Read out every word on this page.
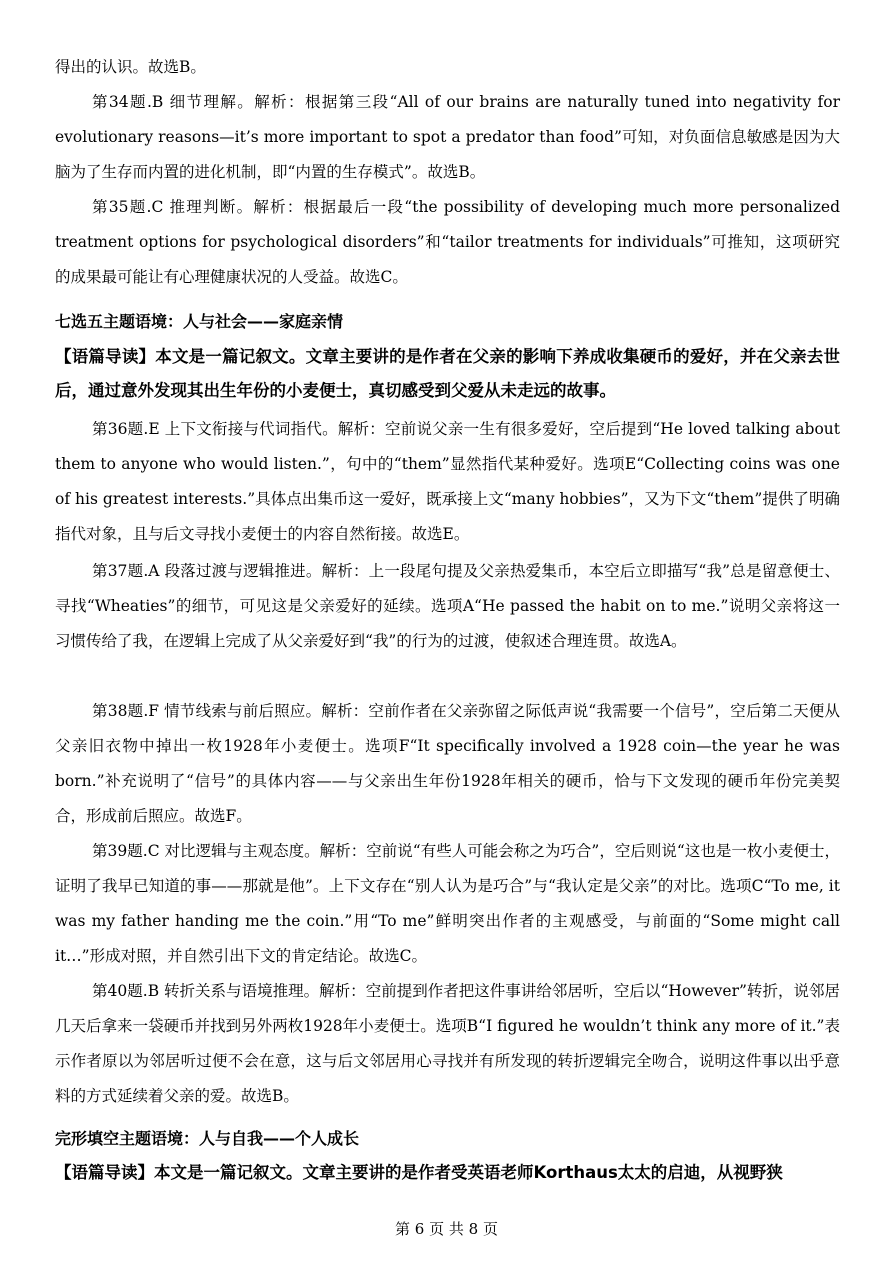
得出的认识。故选B。

第34题.B 细节理解。解析：根据第三段“All of our brains are naturally tuned into negativity for evolutionary reasons—it’s more important to spot a predator than food”可知，对负面信息敏感是因为大脑为了生存而内置的进化机制，即“内置的生存模式”。故选B。

第35题.C 推理判断。解析：根据最后一段“the possibility of developing much more personalized treatment options for psychological disorders”和“tailor treatments for individuals”可推知，这项研究的成果最可能让有心理健康状况的人受益。故选C。

七选五主题语境：人与社会——家庭亲情

【语篇导读】本文是一篇记叙文。文章主要讲的是作者在父亲的影响下养成收集硬币的爱好，并在父亲去世后，通过意外发现其出生年份的小麦便士，真切感受到父爱从未走远的故事。

第36题.E 上下文衔接与代词指代。解析：空前说父亲一生有很多爱好，空后提到“He loved talking about them to anyone who would listen.”，句中的“them”显然指代某种爱好。选项E“Collecting coins was one of his greatest interests.”具体点出集币这一爱好，既承接上文“many hobbies”，又为下文“them”提供了明确指代对象，且与后文寻找小麦便士的内容自然衔接。故选E。

第37题.A 段落过渡与逻辑推进。解析：上一段尾句提及父亲热爱集币，本空后立即描写“我”总是留意便士、寻找“Wheaties”的细节，可见这是父亲爱好的延续。选项A“He passed the habit on to me.”说明父亲将这一习惯传给了我，在逻辑上完成了从父亲爱好到“我”的行为的过渡，使叙述合理连贯。故选A。

第38题.F 情节线索与前后照应。解析：空前作者在父亲弥留之际低声说“我需要一个信号”，空后第二天便从父亲旧衣物中掉出一枚1928年小麦便士。选项F“It specifically involved a 1928 coin—the year he was born.”补充说明了“信号”的具体内容——与父亲出生年份1928年相关的硬币，恰与下文发现的硬币年份完美契合，形成前后照应。故选F。

第39题.C 对比逻辑与主观态度。解析：空前说“有些人可能会称之为巧合”，空后则说“这也是一枚小麦便士，证明了我早已知道的事——那就是他”。上下文存在“别人认为是巧合”与“我认定是父亲”的对比。选项C“To me, it was my father handing me the coin.”用“To me”鲜明突出作者的主观感受，与前面的“Some might call it…”形成对照，并自然引出下文的肯定结论。故选C。

第40题.B 转折关系与语境推理。解析：空前提到作者把这件事讲给邻居听，空后以“However”转折，说邻居几天后拿来一袋硬币并找到另外两枚1928年小麦便士。选项B“I figured he wouldn’t think any more of it.”表示作者原以为邻居听过便不会在意，这与后文邻居用心寻找并有所发现的转折逻辑完全吻合，说明这件事以出乎意料的方式延续着父亲的爱。故选B。

完形填空主题语境：人与自我——个人成长

【语篇导读】本文是一篇记叙文。文章主要讲的是作者受英语老师Korthaus太太的启迪，从视野狭

第 6 页 共 8 页
